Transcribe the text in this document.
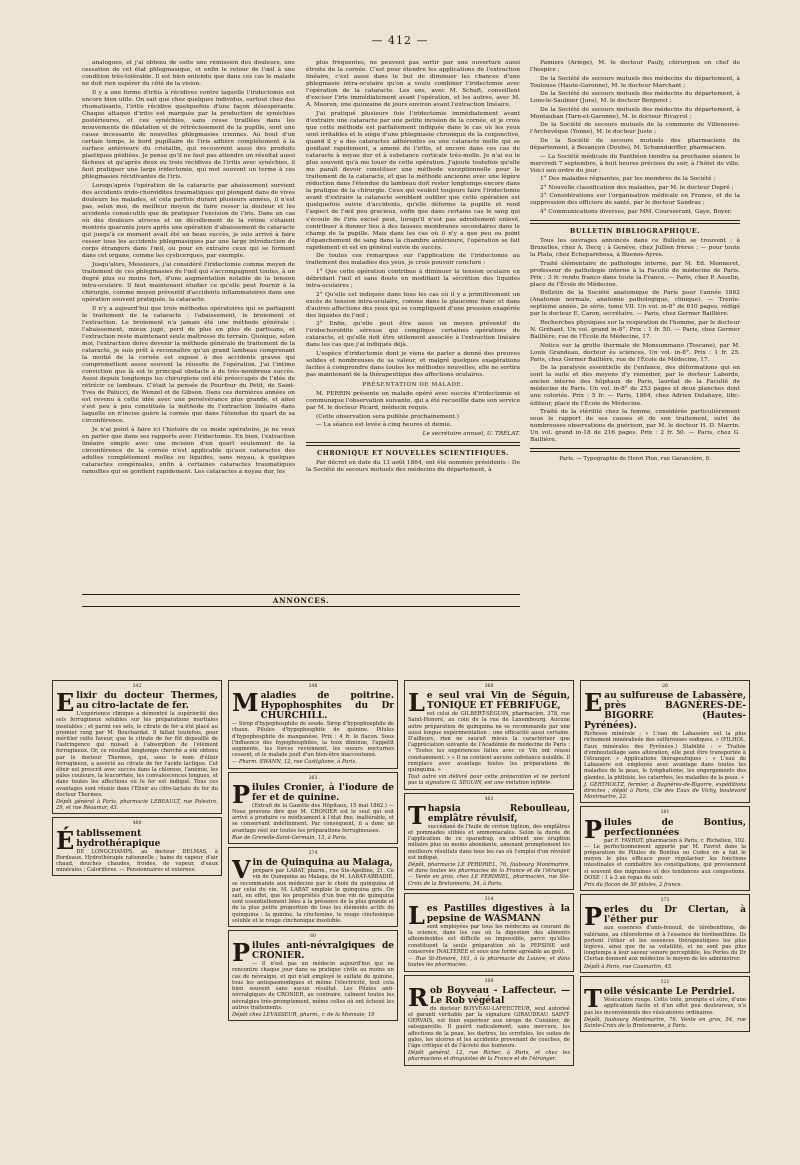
— 412 —

analogues, et j'ai obtenu de suite une rémission des douleurs, une cessation de cet état phlegmasique, et enfin le retour de l'œil à une condition très-tolérable. Il est bien entendu que dans ces cas le malade ne doit rien espérer du côté de la vision.

Il y a une forme d'iritis à récidives contre laquelle l'iridectomie est encore bien utile. On sait que chez quelques individus, surtout chez des rhumatisants, l'iritis récidive quelquefois d'une façon désespérante. Chaque attaque d'iritis est marquée par la production de synéchies postérieures, et ces synéchies, sans cesse tiraillées dans les mouvements de dilatation et de rétrécissement de la pupille, sont une cause incessante de nouvelles phlegmasies iriennes. Au bout d'un certain temps, le bord pupillaire de l'iris adhère complétement à la surface antérieure du cristallin, qui recouvrent aussi des produits plastiques géidiées. Je pense qu'il ne faut pas attendre un résultat aussi fâcheux et qu'après deux ou trois récidives de l'iritis avec synéchies, il faut pratiquer une large iridectomie, qui met souvent un terme à ces phlegmasies récidivantes de l'iris.

Lorsqu'après l'opération de la cataracte par abaissement survient des accidents irido-choroïdites traumatiques qui plongent dans de vives douleurs les malades, et cela parfois durant plusieurs années, il n'est pas, selon moi, de meilleur moyen de faire cesser la douleur et les accidents consécutifs que de pratiquer l'excision de l'iris. Dans un cas où des douleurs atroces et un décollement de la rétine s'étaient montrés quarante jours après une opération d'abaissement de cataracte qui jusqu'à ce moment avait été un beau succès, je suis arrivé à faire cesser tous les accidents phlegmasiques par une large introduction de corps étrangers dans l'œil, ou pour en extraire ceux qui se forment dans cet organe, comme les cysticerques, par exemple.

Jusqu'alors, Messieurs, j'ai considéré l'iridectomie comme moyen de traitement de ces phlegmasies de l'œil qui s'accompagnent toutes, à un degré plus ou moins fort, d'une augmentation notable de la tension intra-oculaire. Il faut maintenant étudier ce qu'elle peut fournir à la chirurgie, comme moyen préventif d'accidents inflammatoires dans une opération souvent pratiquée, la cataracte.

Il n'y a aujourd'hui que trois méthodes opératoires qui se partagent le traitement de la cataracte : l'abaissement, le broiement et l'extraction. Le broiement n'a jamais été une méthode générale ; l'abaissement, mieux jugé, perd de plus en plus de partisans, et l'extraction reste maintenant seule maîtresse du terrain. Quoique, selon moi, l'extraction doive devenir la méthode générale de traitement de la cataracte, je suis prêt à reconnaître qu'un grand lambeau comprenant la moitié de la cornée est exposé à des accidents graves qui compromettent assez souvent la réussite de l'opération. J'ai l'intime conviction que là est le principal obstacle à de très-nombreux succès. Aussi depuis longtemps les chirurgiens ont été préoccupés de l'idée de rétrécir ce lambeau. C'était la pensée de Pourfour du Petit, de Saint-Yves de Palucci, de Wenzel et de Gibson. Dans ces dernières années on est revenu à cette idée avec une persévérance plus grande, et ainsi s'est peu à peu constituée la méthode de l'extraction linéaire dans laquelle on n'incise guère la cornée que dans l'étendue du quart de sa circonférence.

Je n'ai point à faire ici l'histoire de ce mode opératoire, je ne veux en parler que dans ses rapports avec l'iridectomie. En bien, l'extraction linéaire simple avec une incision d'un quart seulement de la circonférence de la cornée n'est applicable qu'aux cataractes des adultes complétement molles ou liquides, sans noyau, à quelques cataractes congéniales, enfin à certaines cataractes traumatiques ramollies qui se gonflent rapidement. Les cataractes à noyau dur, les

plus fréquentes, ne peuvent pas sortir par une ouverture aussi étroite de la cornée. C'est pour étendre les applications de l'extraction linéaire, c'est aussi dans le but de diminuer les chances d'une phlegmasie intra-oculaire qu'on a voulu combiner l'iridectomie avec l'opération de la cataracte. Les uns, avec M. Schuft, conseillent d'exciser l'iris immédiatement avant l'opération, et les autres, avec M. A. Mooren, une quinzaine de jours environ avant l'extraction linéaire.

J'ai pratiqué plusieurs fois l'iridectomie immédiatement avant d'extraire une cataracte par une petite incision de la cornée, et je crois que cette méthode est parfaitement indiquée dans le cas où les yeux sont irritables et le siège d'une phlegmasie chronique de la conjonctive, quand il y a des cataractes adhérentes ou une cataracte molle qui se gonflant rapidement, a amené de l'iritis, et encore dans ces cas de cataracte à noyau dur et à substance corticale très-molle. Je n'ai eu le plus souvent qu'à me louer de cette opération. J'ajoute toutefois qu'elle me paraît devoir constituer une méthode exceptionnelle pour le traitement de la cataracte, et que la méthode ancienne avec une légère réduction dans l'étendue du lambeau doit rester longtemps encore dans la pratique de la chirurgie. Ceux qui veulent toujours faire l'iridectomie avant d'extraire la cataracte semblent oublier que cette opération est quelquefois suivie d'accidents, qu'elle déforme la pupille et rend l'aspect de l'œil peu gracieux, enfin que dans certains cas le sang qui s'écoule de l'iris excisé peut, lorsqu'il n'est pas adroitement enlevé, contribuer à donner lieu à des fausses membranes secondaires dans le champ de la pupille. Mais dans les cas où il n'y a que peu ou point d'épanchement de sang dans la chambre antérieure, l'opération se fait rapidement et est en général suivie de succès.

De toutes ces remarques sur l'application de l'iridectomie au traitement des maladies des yeux, je crois pouvoir conclure :

1° Que cette opération contribue à diminuer la tension oculaire en débridant l'œil et sans doute en modifiant la sécrétion des liquides intra-oculaires ;

2° Qu'elle est indiquée dans tous les cas où il y a primitivement un excès de tension intra-oculaire, comme dans le glaucome franc et dans d'autres affections des yeux qui se compliquent d'une pression exagérée des liquides de l'œil ;

3° Enfin, qu'elle peut être aussi un moyen préventif de l'iridochoroïdite séreuse qui complique certaines opérations de cataracte, et qu'elle doit être utilement associée à l'extraction linéaire dans les cas que j'ai indiqués déjà.

L'espèce d'iridectomie dont je viens de parler a donné des preuves solides et nombreuses de sa valeur, et malgré quelques exagérations faciles à comprendre dans toutes les méthodes nouvelles, elle ne sortira pas maintenant de la thérapeutique des affections oculaires.

PRÉSENTATION DE MALADE.

M. PERRIN présente un malade opéré avec succès d'iridectomie et communique l'observation suivante, qui a été recueillie dans son service par M. le docteur Picard, médecin requis.

(Cette observation sera publiée prochainement.)

— La séance est levée à cinq heures et demie.

Le secrétaire annuel, U. TRÉLAT.
CHRONIQUE ET NOUVELLES SCIENTIFIQUES.

Par décret en date du 13 août 1864, ont été nommés présidents : De la Société de secours mutuels des médecins du département, à

Pamiers (Ariège), M. le docteur Pauly, chirurgien en chef de l'hospice ;

De la Société de secours mutuels des médecins du département, à Toulouse (Haute-Garonne), M. le docteur Marchant ;

De la Société de secours mutuels des médecins du département, à Lons-le-Saulnier (Jura), M. le docteur Bergeret ;

De la Société de secours mutuels des médecins du département, à Montauban (Tarn-et-Garonne), M. le docteur Rivayrol ;

De la Société de secours mutuels de la commune de Villeneuve-l'Archevêque (Yonne), M. le docteur Juste ;

De la Société de secours mutuels des pharmaciens du département, à Besançon (Doubs), M. Schœndœrffer, pharmacien.

— La Société médicale du Panthéon tiendra sa prochaine séance le mercredi 7 septembre, à huit heures précises du soir, à l'hôtel de ville. Voici son ordre du jour :

1° Des maladies régnantes, par les membres de la Société ;

2° Nouvelle classification des maladies, par M. le docteur Dupré ;

3° Considérations sur l'organisation médicale en France, et de la suppression des officiers de santé, par le docteur Sandras ;

4° Communications diverses, par MM. Coursserant, Gaye, Boyer.

BULLETIN BIBLIOGRAPHIQUE.

Tous les ouvrages annoncés dans ce Bulletin se trouvent : à Bruxelles, chez A. Decq ; à Genève, chez Jullien frères ; — pour toute la Plata, chez Echeparebosa, à Buenos-Ayres.

Traité élémentaire de pathologie interne, par M. Ed. Monneret, professeur de pathologie interne à la Faculté de médecine de Paris. Prix : 3 fr. rendu franco dans toute la France. — Paris, chez P. Asselin, place de l'École de Médecine.

Bulletin de la Société anatomique de Paris pour l'année 1862 (Anatomie normale, anatomie pathologique, clinique). — Trente-septième année, 2e série, tome VII. Un vol. in-8° de 610 pages, rédigé par le docteur E. Caron, secrétaire. — Paris, chez Germer Baillière.

Recherches physiques sur la respiration de l'homme, par le docteur N. Gréhant. Un vol. grand in-8°. Prix : 1 fr. 50. — Paris, chez Germer Baillière, rue de l'École de Médecine, 17.

Notice sur la grotte thermale de Monsummano (Toscane), par M. Louis Grandeau, docteur ès sciences. Un vol. in-8°. Prix : 1 fr. 25. Paris, chez Germer Baillière, rue de l'École de Médecine, 17.

De la paralysie essentielle de l'enfance, des déformations qui en sont la suite et des moyens d'y remédier, par le docteur Laborde, ancien interne des hôpitaux de Paris, lauréat de la Faculté de médecine de Paris. Un vol. in-8° de 253 pages et deux planches dont une coloriée. Prix : 5 fr. — Paris, 1864, chez Adrien Delahaye, libr.-éditeur, place de l'École de Médecine.

Traité de la stérilité chez la femme, considérée particulièrement sous le rapport de ses causes et de son traitement, suivi de nombreuses observations de guérison, par M. le docteur H. D. Marrin. Un vol. grand in-18 de 216 pages. Prix : 2 fr. 50. — Paris, chez G. Baillière.

Paris. — Typographie de Henri Plon, rue Garancière, 8.
ANNONCES.
342
E lixir du docteur Thermes, au citro-lactate de fer.

L'expérience clinique a démontré la supériorité des sels ferrugineux solubles sur les préparations martiales insolubles ; et parmi ces sels, le citrate de fer a été placé au premier rang par M. Bouchardat. Il fallait toutefois, pour méritier cette faveur, que le citrate de fer fût dépouillé de l'astringence qui nuisait à l'absorption de l'élément ferrugineux. Or, ce résultat longtemps cherché a été obtenu par le docteur Thermes, qui, sous le nom d'élixir ferrugineux, a associé au citrate de fer l'acide lactique. Cet élixir est prescrit avec succès dans la chlorose, l'anémie, les pâles couleurs, la leucorrhée, les convalescences longues, et dans toutes les affections où le fer est indiqué. Tous ces avantages sont réunis dans l'Elixir au citro-lactate de fer du docteur Thermes.

Dépôt général à Paris, pharmacie LEBEAULT, rue Palestro, 29, et rue Réaumur, 43.

460
É tablissement hydrothérapique

DE LONGCHAMPS, au docteur DELMAS, à Bordeaux. Hydrothérapie rationnelle ; bains de vapeur, d'air chaud, douches chaudes, froides, de vapeur, d'eaux minérales ; Calorifères. — Pensionnaires et externes.

348
M aladies de poitrine. Hypophosphites du Dr CHURCHILL.

— Sirop d'hypophosphite de soude. Sirop d'hypophosphite de chaux. Pilules d'hypophosphite de quinine. Pilules d'hypophosphite de manganèse. Prix : 4 fr. le flacon. Sous l'influence des hypophosphites, la toux diminue, l'appétit augmente, les forces reviennent, les sueurs nocturnes cessent, et le malade jouit d'un bien-être inaccoutumé.

— Pharm. SWANN, 12, rue Castiglione, à Paris.

363
P ilules Cronier, à l'iodure de fer et de quinine.

(Extrait de la Gazette des Hôpitaux, 15 mai 1862.) — Nous pouvons dire que M. CRONIER est le seul qui soit arrivé à produire ce médicament à l'état fixe, inaltérable, et se conservant indéfiniment. Par conséquent, il a donc un avantage réel sur toutes les préparations ferrugineuses.

Rue de Grenelle-Saint-Germain, 13, à Paris.

274
V in de Quinquina au Malaga,

préparé par LABAT, pharm., rue Ste-Apolline, 21. Ce vin de Quinquina au Malaga, de M. LABAT-ABBADIE, se recommande aux médecins par le choix du quinquina et par celui du vin. M. LABAT emploie le quinquina gris. On sait, en effet, que les propriétés d'un bon vin de quinquina sont essentiellement liées à la présence de la plus grande et de la plus petite proportion de tous les éléments actifs du quinquina : la quinine, la cinchonine, le rouge cinchonique soluble et le rouge cinchonique insoluble.

60
P ilules anti-névralgiques de CRONIER.

— Il n'est pas un médecin aujourd'hui qui ne rencontre chaque jour dans sa pratique civile au moins un cas de névralgie, et qui n'ait employé le sulfate de quinine, tous les antispasmodiques et même l'électricité, tout cela bien souvent sans aucun résultat. Les Pilules anti-névralgiques de CRONIER, au contraire, calment toutes les névralgies très-promptement, même celles où ont échoué les autres traitements.

Dépôt chez LEVASSEUR, pharm., r. de la Monnaie, 19

368
L e seul vrai Vin de Séguin, TONIQUE ET FÉBRIFUGE,

est celui de GILBERT-SÉGUIN, pharmacien, 378, rue Saint-Honoré, au coin de la rue de Luxembourg. Aucune autre préparation de quinquina ne se recommande par une aussi longue expérimentation ; une efficacité aussi certaine. D'ailleurs, rien ne saurait mieux la caractériser que l'appréciation suivante de l'Académie de médecine de Paris : « Toutes les expériences faites avec ce Vin ont réussi constamment. » « Il ne contient aucune substance nuisible. Il remplace avec avantage toutes les préparations de quinquina. »

Tout autre vin délivré pour cette préparation et ne portant pas la signature G. SÉGUIN, est une imitation infidèle.

463
T hapsia Reboulleau, emplâtre révulsif,

succédané de l'huile de croton tiglium, des emplâtres et pommades stibiés et ammoniacales. Selon la durée de l'application de ce sparadrap, on obtient une éruption miliaire plus ou moins abondante, amenant promptement les meilleurs résultats dans tous les cas où l'emploi d'un révulsif est indiqué.

Dépôt, pharmacie LE PERDRIEL, 76, faubourg Montmartre, et dans toutes les pharmacies de la France et de l'étranger. — Vente en gros, chez LE PERDRIEL, pharmacien, rue Ste-Croix de la Bretonnerie, 54, à Paris.

314
L es Pastilles digestives à la pepsine de WASMANN

sont employées par tous les médecins au courant de la science, dans les cas où la digestion des aliments albuminoïdes est difficile ou impossible, parce qu'elles constituent la seule préparation où la PEPSINE soit conservée INALTÉRÉE et sous une forme agréable au goût.

— Rue St-Honoré, 161, à la pharmacie du Louvre, et dans toutes les pharmacies.

369
R ob Boyveau - Laffecteur. — Le Rob végétal

du docteur BOYVEAU-LAFFECTEUR, seul autorisé et garanti véritable par la signature GIRAUDEAU SAINT-GERVAIS, est bien supérieur aux sirops de Cuisinier, de salsepareille. Il guérit radicalement, sans mercure, les affections de la peau, les dartres, les scrofules, les suites de gales, les ulcères et les accidents provenant de couches, de l'âge critique et de l'âcreté des humeurs.

Dépôt général, 12, rue Richer, à Paris, et chez les pharmaciens et droguistes de la France et de l'étranger.

26
E au sulfureuse de Labassère, près BAGNÈRES-DE-BIGORRE (Hautes-Pyrénées).

Richesse minérale : « L'eau de Labassère est la plus richement minéralisée des sulfureuses sodiques. » (FILHOL, Eaux minérales des Pyrénées.) Stabilité : « Traitée d'embouteillage sans altération, elle peut être transportée à l'étranger. » Applications thérapeutiques : « L'eau de Labassère est employée avec avantage dans toutes les maladies de la peau, le lymphatisme, les engorgements des glandes, la phthisie, les catarrhes, les maladies de la peau. »

J. GERTHOLTZ, fermier, à Bagnères-de-Bigorre, expéditions directes ; dépôt à Paris, Cie des Eaux de Vichy, boulevard Montmartre, 22.

381
P ilules de Bontius, perfectionnées

par F. FAVROT, pharmacien à Paris, r. Richelieu, 102. — Le perfectionnement apporté par M. Favrot dans la préparation de Pilules de Bontius ou Codex en a fait le moyen le plus efficace pour régulariser les fonctions intestinales et combattre les constipations, qui proviennent si souvent des migraines et des tendances aux congestions. DOSE : 1 à 2 au repas du soir.

Prix du flacon de 50 pilules, 2 francs.

373
P erles du Dr Clertan, à l'éther pur

aux essences d'anis-fenouil, de térébenthine, de valériane, au chloroforme et à l'essence de térébenthine. Ils portent l'éther et les essences thérapeutiques les plus légères, ainsi que de sa volatilité, et ne sont pas plus longtemps à leur saveur sonore perceptible, les Perles du Dr Clertan donnent aux médecins le moyen de les administrer.

Dépôt à Paris, rue Caumartin, 45.

121
T oile vésicante Le Perdriel.

Vésicatoire rouge. Cette toile, prompte et sûre, d'une application facile et d'un effet peu douloureux, n'a pas les inconvénients des vésicatoires ordinaires.

Dépôt, faubourg Montmartre, 76. Vente en gros, 54, rue Sainte-Croix de la Bretonnerie, à Paris.
